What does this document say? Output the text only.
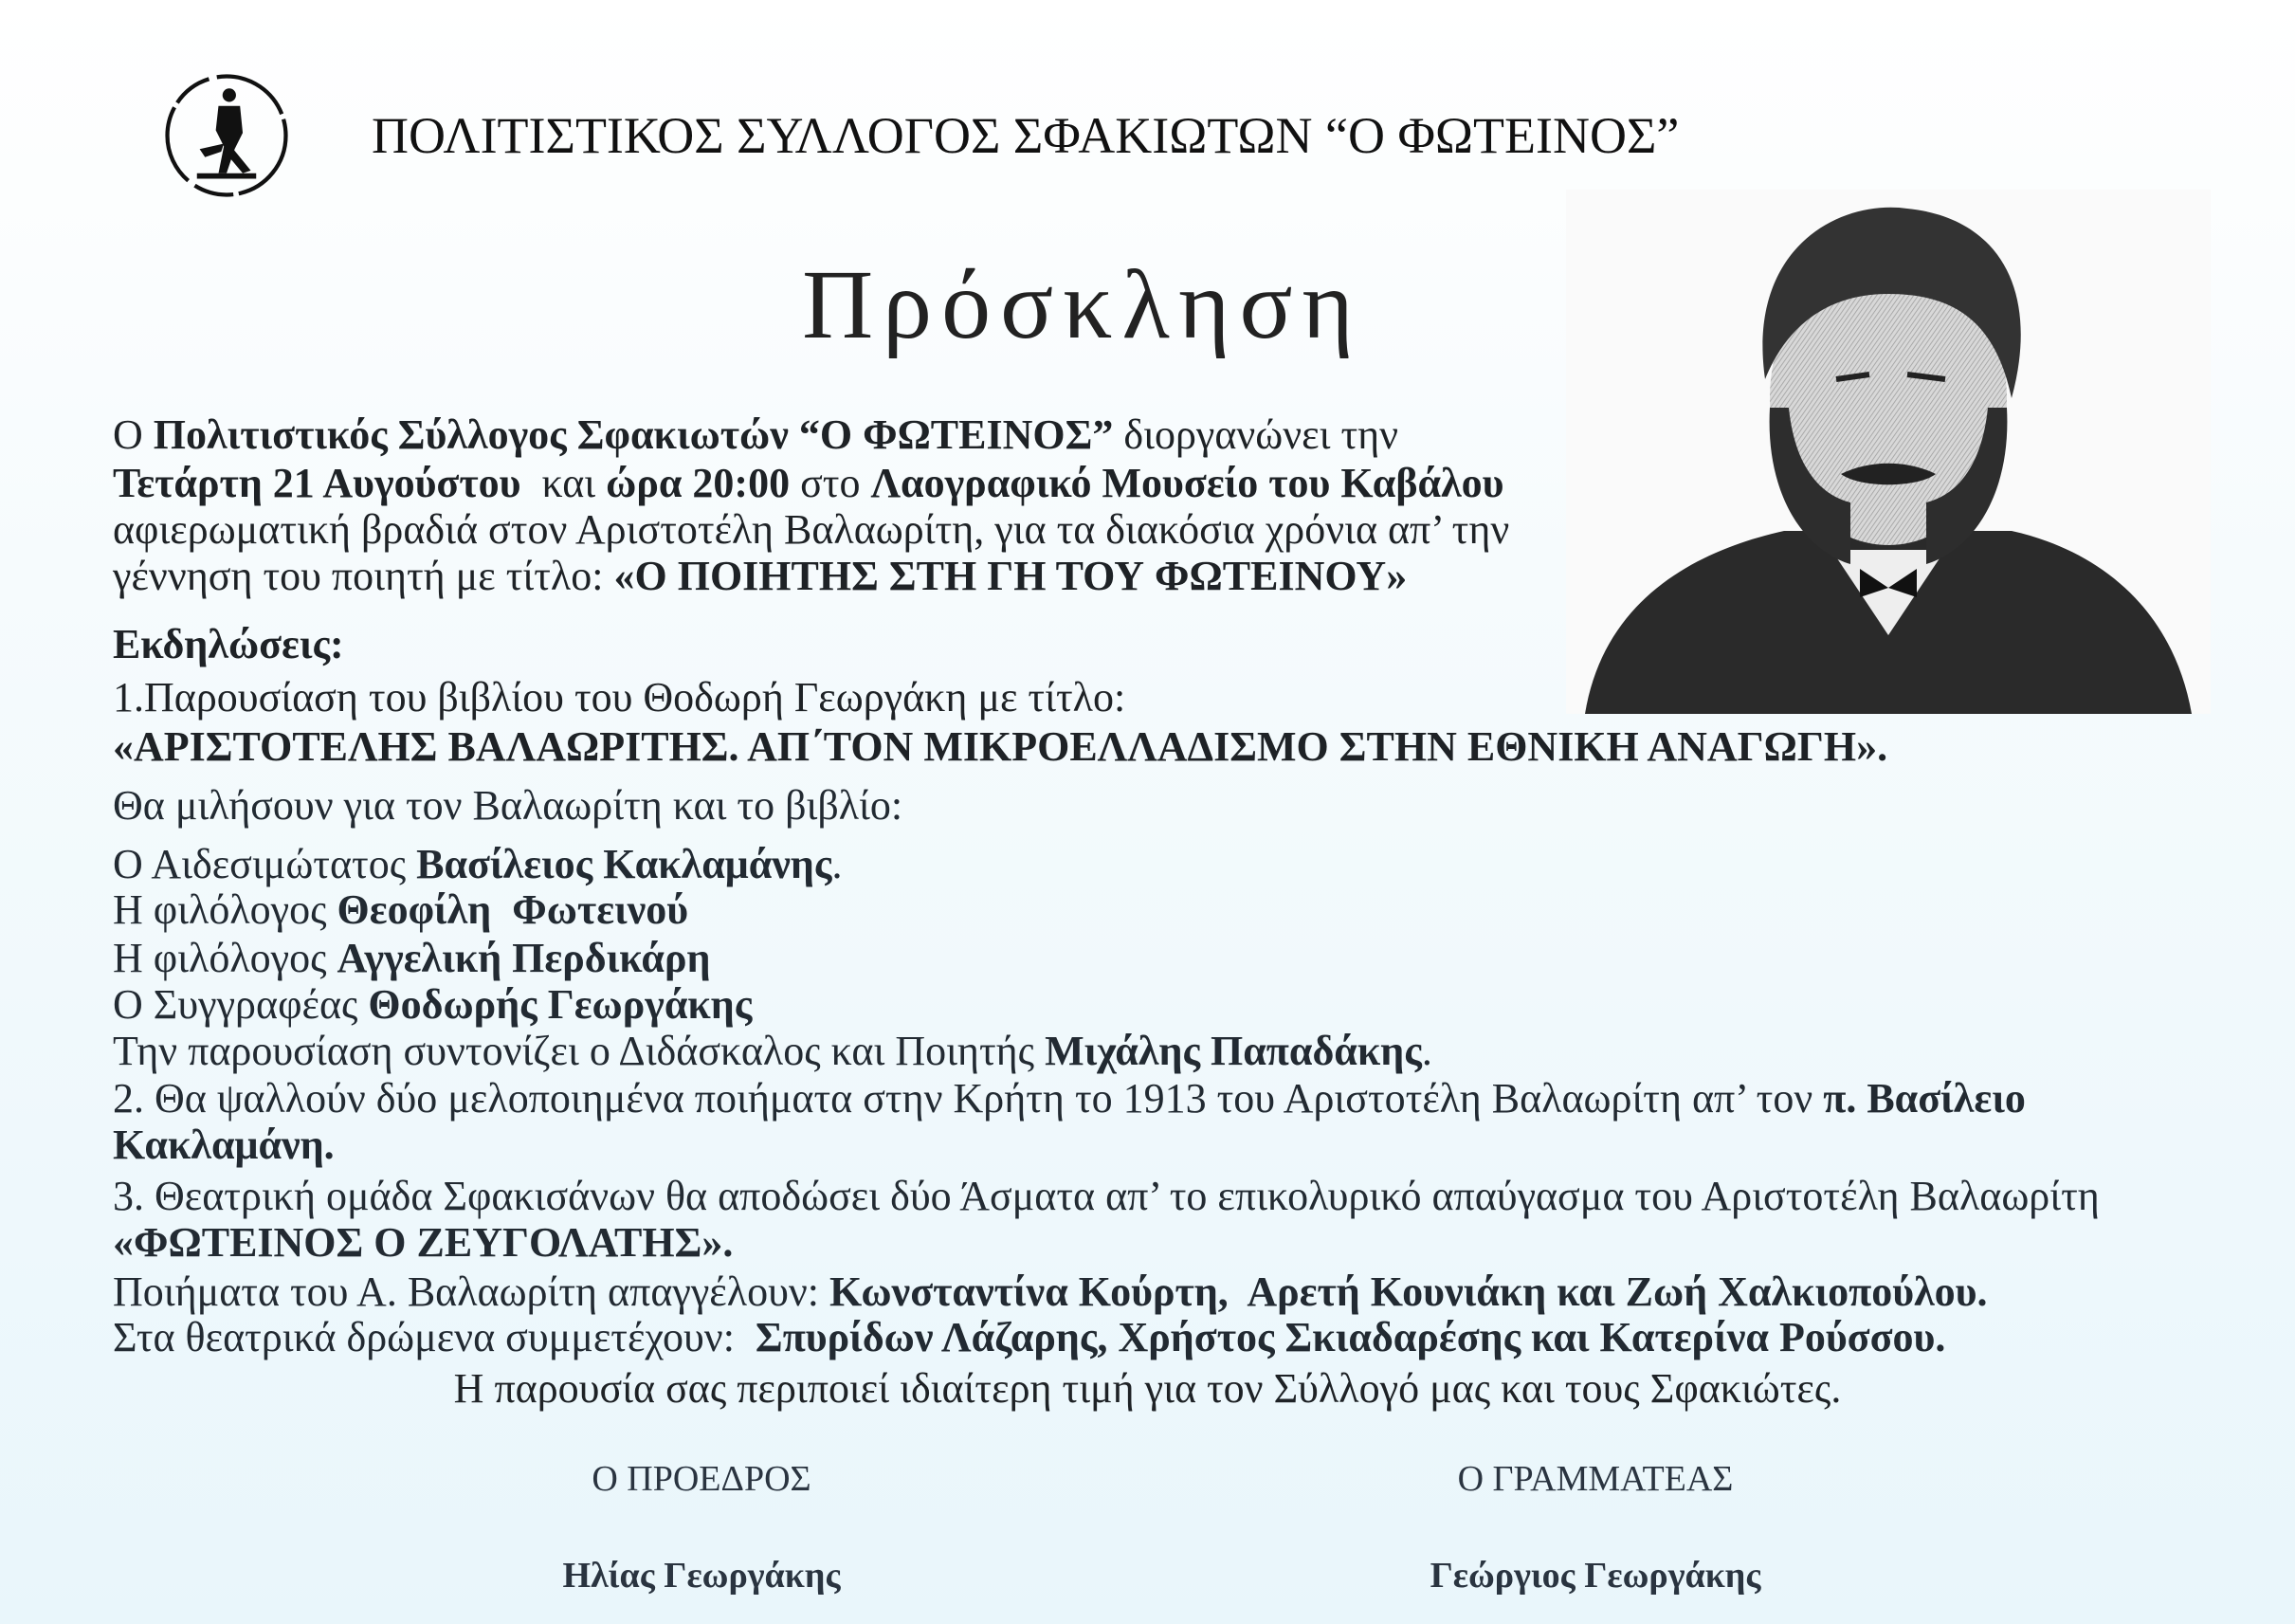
ΠΟΛΙΤΙΣΤΙΚΟΣ ΣΥΛΛΟΓΟΣ ΣΦΑΚΙΩΤΩΝ “Ο ΦΩΤΕΙΝΟΣ”
Πρόσκληση
Ο Πολιτιστικός Σύλλογος Σφακιωτών “Ο ΦΩΤΕΙΝΟΣ” διοργανώνει την
Τετάρτη 21 Αυγούστου  και ώρα 20:00 στο Λαογραφικό Μουσείο του Καβάλου
αφιερωματική βραδιά στον Αριστοτέλη Βαλαωρίτη, για τα διακόσια χρόνια απ’ την
γέννηση του ποιητή με τίτλο: «Ο ΠΟΙΗΤΗΣ ΣΤΗ ΓΗ ΤΟΥ ΦΩΤΕΙΝΟΥ»
Εκδηλώσεις:
1.Παρουσίαση του βιβλίου του Θοδωρή Γεωργάκη με τίτλο:
«ΑΡΙΣΤΟΤΕΛΗΣ ΒΑΛΑΩΡΙΤΗΣ. ΑΠ΄ΤΟΝ ΜΙΚΡΟΕΛΛΑΔΙΣΜΟ ΣΤΗΝ ΕΘΝΙΚΗ ΑΝΑΓΩΓΗ».
Θα μιλήσουν για τον Βαλαωρίτη και το βιβλίο:
Ο Αιδεσιμώτατος Βασίλειος Κακλαμάνης.
Η φιλόλογος Θεοφίλη  Φωτεινού
Η φιλόλογος Αγγελική Περδικάρη
Ο Συγγραφέας Θοδωρής Γεωργάκης
Την παρουσίαση συντονίζει ο Διδάσκαλος και Ποιητής Μιχάλης Παπαδάκης.
2. Θα ψαλλούν δύο μελοποιημένα ποιήματα στην Κρήτη το 1913 του Αριστοτέλη Βαλαωρίτη απ’ τον π. Βασίλειο
Κακλαμάνη.
3. Θεατρική ομάδα Σφακισάνων θα αποδώσει δύο Άσματα απ’ το επικολυρικό απαύγασμα του Αριστοτέλη Βαλαωρίτη
«ΦΩΤΕΙΝΟΣ Ο ΖΕΥΓΟΛΑΤΗΣ».
Ποιήματα του Α. Βαλαωρίτη απαγγέλουν: Κωνσταντίνα Κούρτη,  Αρετή Κουνιάκη και Ζωή Χαλκιοπούλου.
Στα θεατρικά δρώμενα συμμετέχουν:  Σπυρίδων Λάζαρης, Χρήστος Σκιαδαρέσης και Κατερίνα Ρούσσου.
Η παρουσία σας περιποιεί ιδιαίτερη τιμή για τον Σύλλογό μας και τους Σφακιώτες.
Ο ΠΡΟΕΔΡΟΣ
Ηλίας Γεωργάκης
Ο ΓΡΑΜΜΑΤΕΑΣ
Γεώργιος Γεωργάκης
